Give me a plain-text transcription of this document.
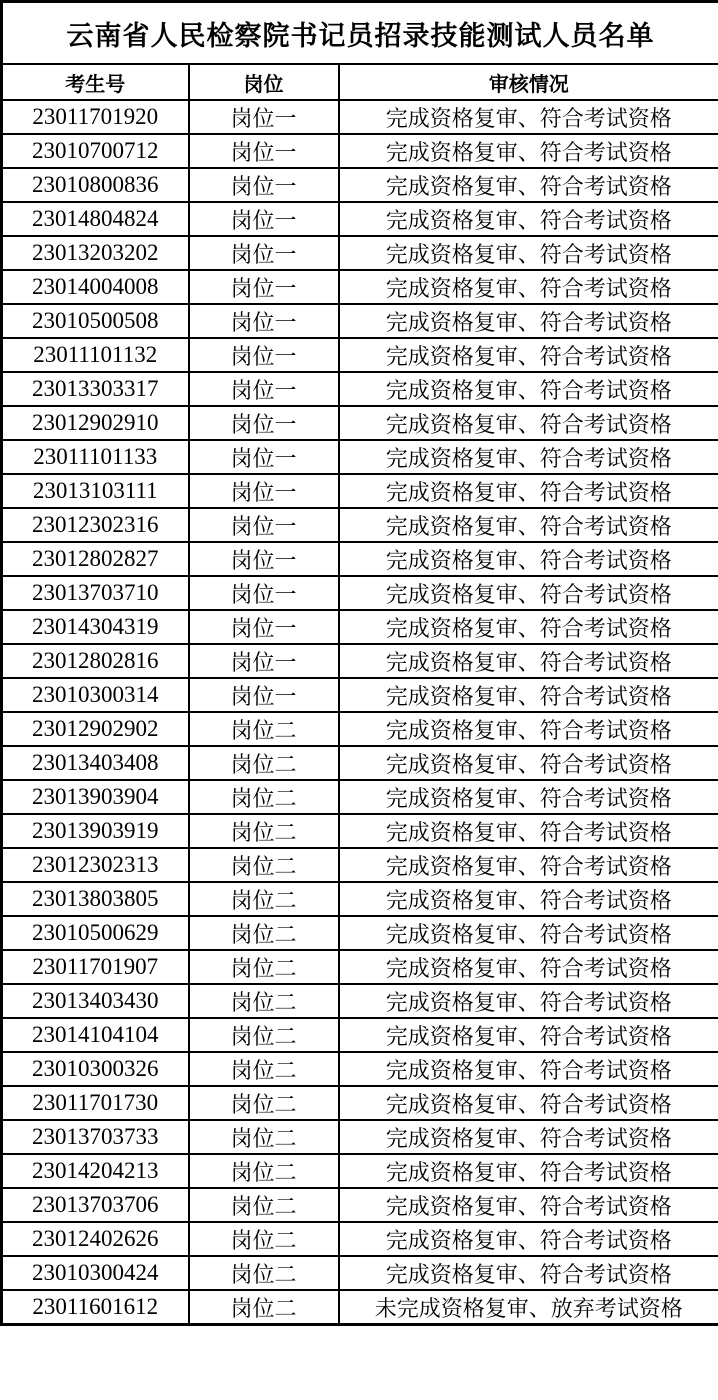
云南省人民检察院书记员招录技能测试人员名单		
考生号	岗位	审核情况
23011701920	岗位一	完成资格复审、符合考试资格
23010700712	岗位一	完成资格复审、符合考试资格
23010800836	岗位一	完成资格复审、符合考试资格
23014804824	岗位一	完成资格复审、符合考试资格
23013203202	岗位一	完成资格复审、符合考试资格
23014004008	岗位一	完成资格复审、符合考试资格
23010500508	岗位一	完成资格复审、符合考试资格
23011101132	岗位一	完成资格复审、符合考试资格
23013303317	岗位一	完成资格复审、符合考试资格
23012902910	岗位一	完成资格复审、符合考试资格
23011101133	岗位一	完成资格复审、符合考试资格
23013103111	岗位一	完成资格复审、符合考试资格
23012302316	岗位一	完成资格复审、符合考试资格
23012802827	岗位一	完成资格复审、符合考试资格
23013703710	岗位一	完成资格复审、符合考试资格
23014304319	岗位一	完成资格复审、符合考试资格
23012802816	岗位一	完成资格复审、符合考试资格
23010300314	岗位一	完成资格复审、符合考试资格
23012902902	岗位二	完成资格复审、符合考试资格
23013403408	岗位二	完成资格复审、符合考试资格
23013903904	岗位二	完成资格复审、符合考试资格
23013903919	岗位二	完成资格复审、符合考试资格
23012302313	岗位二	完成资格复审、符合考试资格
23013803805	岗位二	完成资格复审、符合考试资格
23010500629	岗位二	完成资格复审、符合考试资格
23011701907	岗位二	完成资格复审、符合考试资格
23013403430	岗位二	完成资格复审、符合考试资格
23014104104	岗位二	完成资格复审、符合考试资格
23010300326	岗位二	完成资格复审、符合考试资格
23011701730	岗位二	完成资格复审、符合考试资格
23013703733	岗位二	完成资格复审、符合考试资格
23014204213	岗位二	完成资格复审、符合考试资格
23013703706	岗位二	完成资格复审、符合考试资格
23012402626	岗位二	完成资格复审、符合考试资格
23010300424	岗位二	完成资格复审、符合考试资格
23011601612	岗位二	未完成资格复审、放弃考试资格
